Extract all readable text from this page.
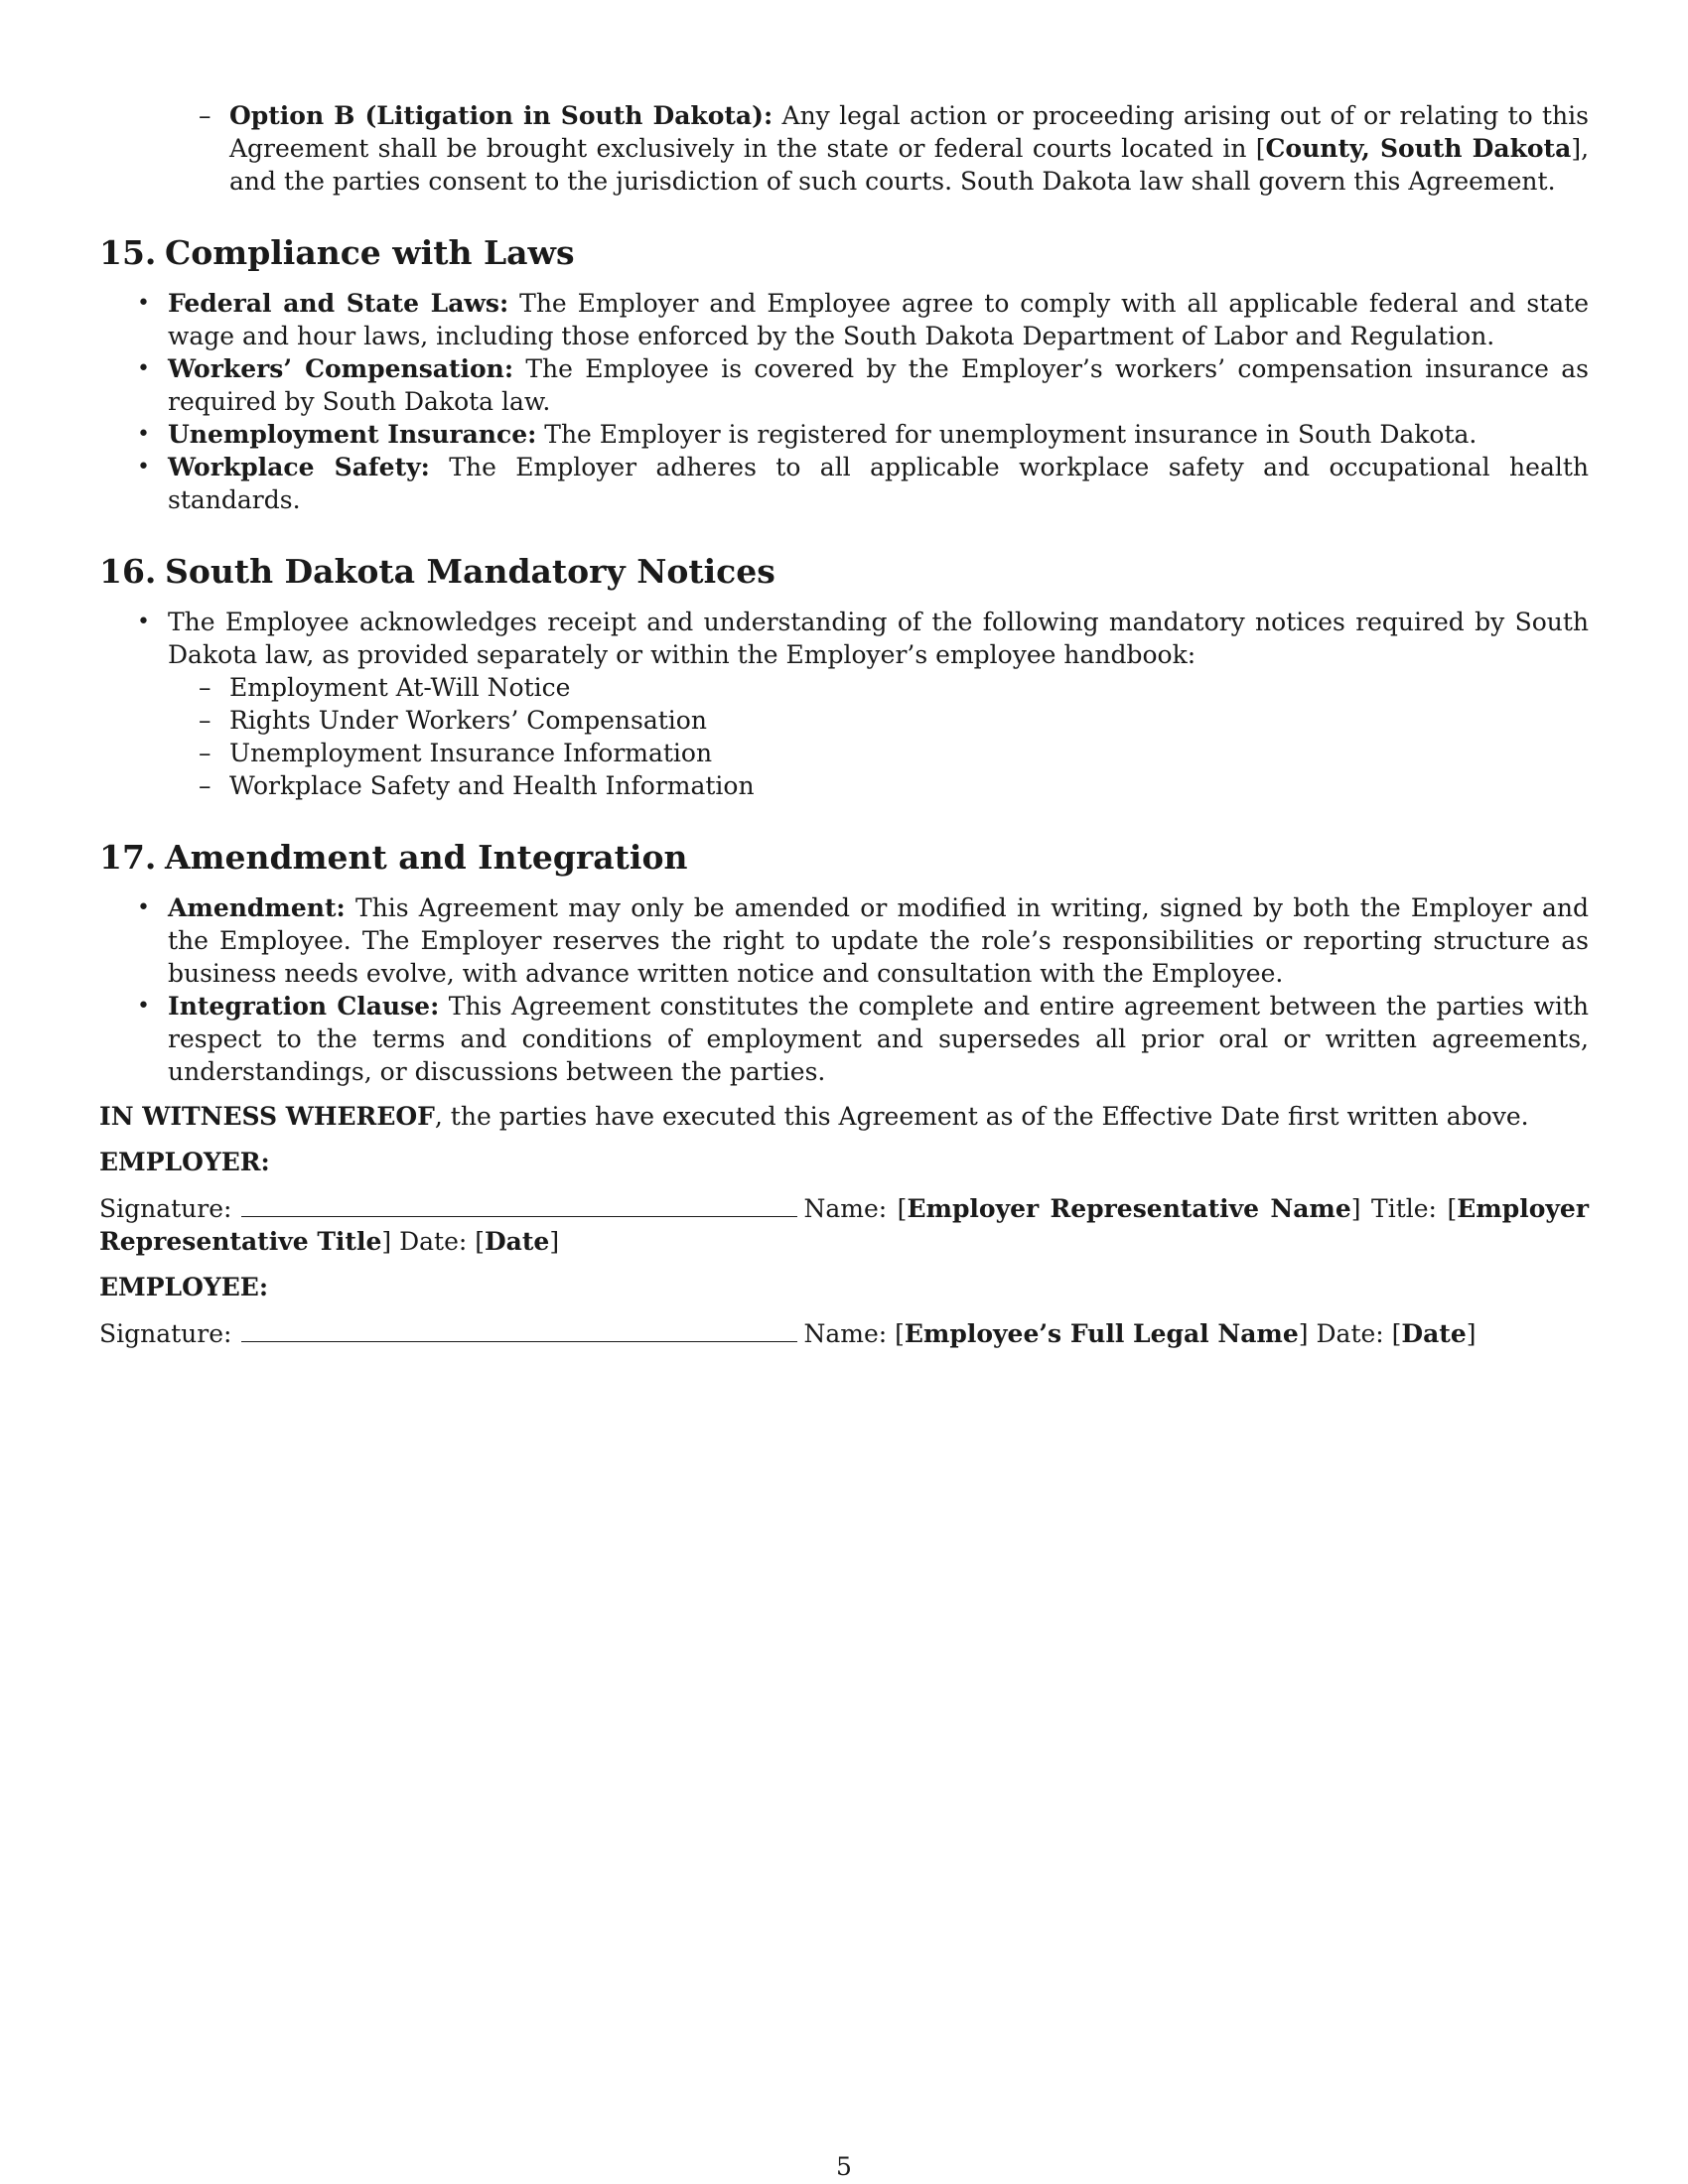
– Option B (Litigation in South Dakota): Any legal action or proceeding arising out of or relating to this Agreement shall be brought exclusively in the state or federal courts located in [County, South Dakota], and the parties consent to the jurisdiction of such courts. South Dakota law shall govern this Agreement.
15. Compliance with Laws
• Federal and State Laws: The Employer and Employee agree to comply with all applicable federal and state wage and hour laws, including those enforced by the South Dakota Department of Labor and Regulation.
• Workers’ Compensation: The Employee is covered by the Employer’s workers’ compensation insurance as required by South Dakota law.
• Unemployment Insurance: The Employer is registered for unemployment insurance in South Dakota.
• Workplace Safety: The Employer adheres to all applicable workplace safety and occupational health standards.
16. South Dakota Mandatory Notices
• The Employee acknowledges receipt and understanding of the following mandatory notices required by South Dakota law, as provided separately or within the Employer’s employee handbook:
– Employment At-Will Notice
– Rights Under Workers’ Compensation
– Unemployment Insurance Information
– Workplace Safety and Health Information
17. Amendment and Integration
• Amendment: This Agreement may only be amended or modified in writing, signed by both the Employer and the Employee. The Employer reserves the right to update the role’s responsibilities or reporting structure as business needs evolve, with advance written notice and consultation with the Employee.
• Integration Clause: This Agreement constitutes the complete and entire agreement between the parties with respect to the terms and conditions of employment and supersedes all prior oral or written agreements, understandings, or discussions between the parties.

IN WITNESS WHEREOF, the parties have executed this Agreement as of the Effective Date first written above.

EMPLOYER:

Signature:	Name: [Employer Representative Name] Title: [Employer Representative Title] Date: [Date]

EMPLOYEE:

Signature:	Name: [Employee’s Full Legal Name] Date: [Date]

5
